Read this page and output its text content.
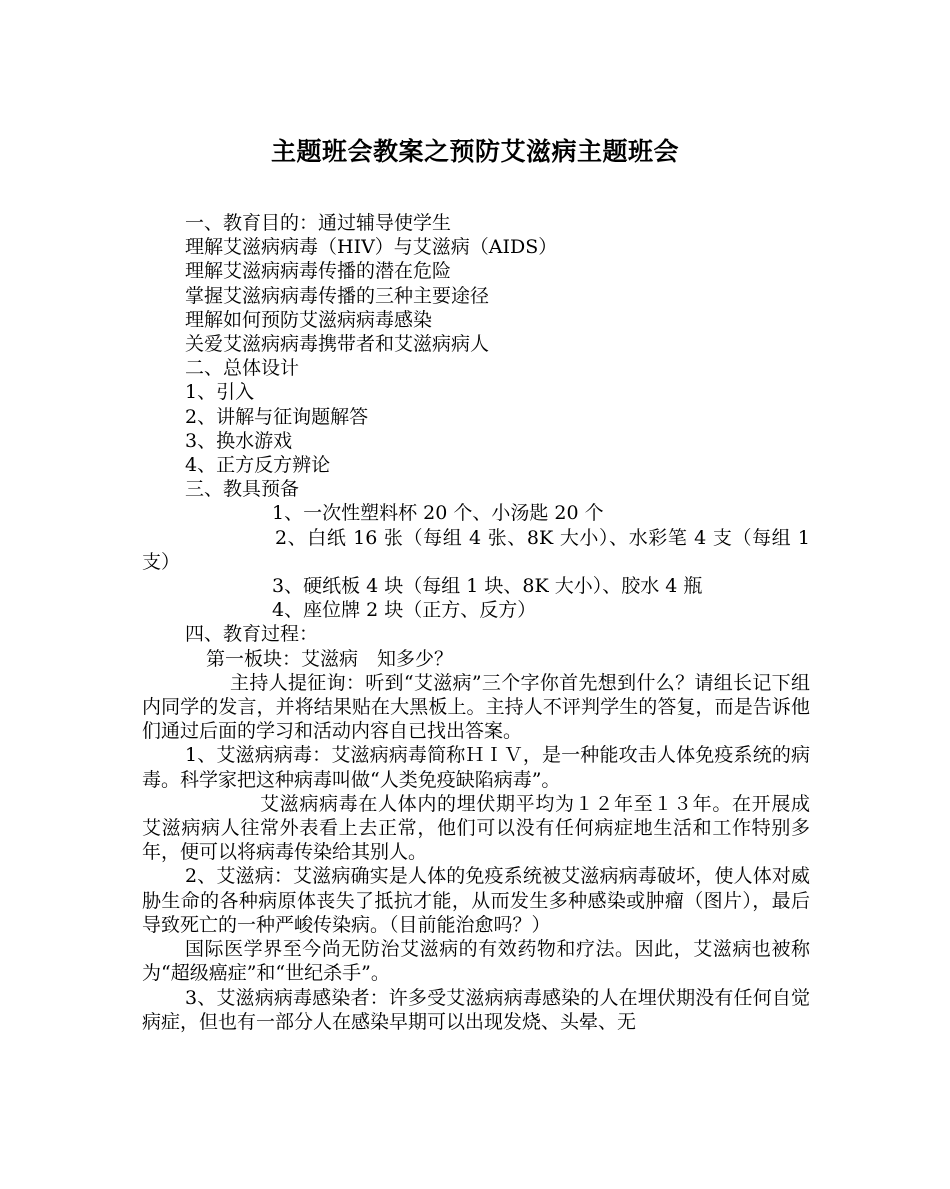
主题班会教案之预防艾滋病主题班会

一、教育目的：通过辅导使学生

理解艾滋病病毒（HIV）与艾滋病（AIDS）

理解艾滋病病毒传播的潜在危险

掌握艾滋病病毒传播的三种主要途径

理解如何预防艾滋病病毒感染

关爱艾滋病病毒携带者和艾滋病病人

二、总体设计

1、引入

2、讲解与征询题解答

3、换水游戏

4、正方反方辨论

三、教具预备

1、一次性塑料杯 20 个、小汤匙 20 个

2、白纸 16 张（每组 4 张、8K 大小）、水彩笔 4 支（每组 1 支）

3、硬纸板 4 块（每组 1 块、8K 大小）、胶水 4 瓶

4、座位牌 2 块（正方、反方）

四、教育过程：

第一板块：艾滋病　知多少？

主持人提征询：听到“艾滋病”三个字你首先想到什么？请组长记下组内同学的发言，并将结果贴在大黑板上。主持人不评判学生的答复，而是告诉他们通过后面的学习和活动内容自已找出答案。

1、艾滋病病毒：艾滋病病毒简称ＨＩＶ，是一种能攻击人体免疫系统的病毒。科学家把这种病毒叫做“人类免疫缺陷病毒”。

艾滋病病毒在人体内的埋伏期平均为１２年至１３年。在开展成艾滋病病人往常外表看上去正常，他们可以没有任何病症地生活和工作特别多年，便可以将病毒传染给其别人。

2、艾滋病：艾滋病确实是人体的免疫系统被艾滋病病毒破坏，使人体对威胁生命的各种病原体丧失了抵抗才能，从而发生多种感染或肿瘤（图片），最后导致死亡的一种严峻传染病。（目前能治愈吗？）

国际医学界至今尚无防治艾滋病的有效药物和疗法。因此，艾滋病也被称为“超级癌症”和“世纪杀手”。

3、艾滋病病毒感染者：许多受艾滋病病毒感染的人在埋伏期没有任何自觉病症，但也有一部分人在感染早期可以出现发烧、头晕、无
